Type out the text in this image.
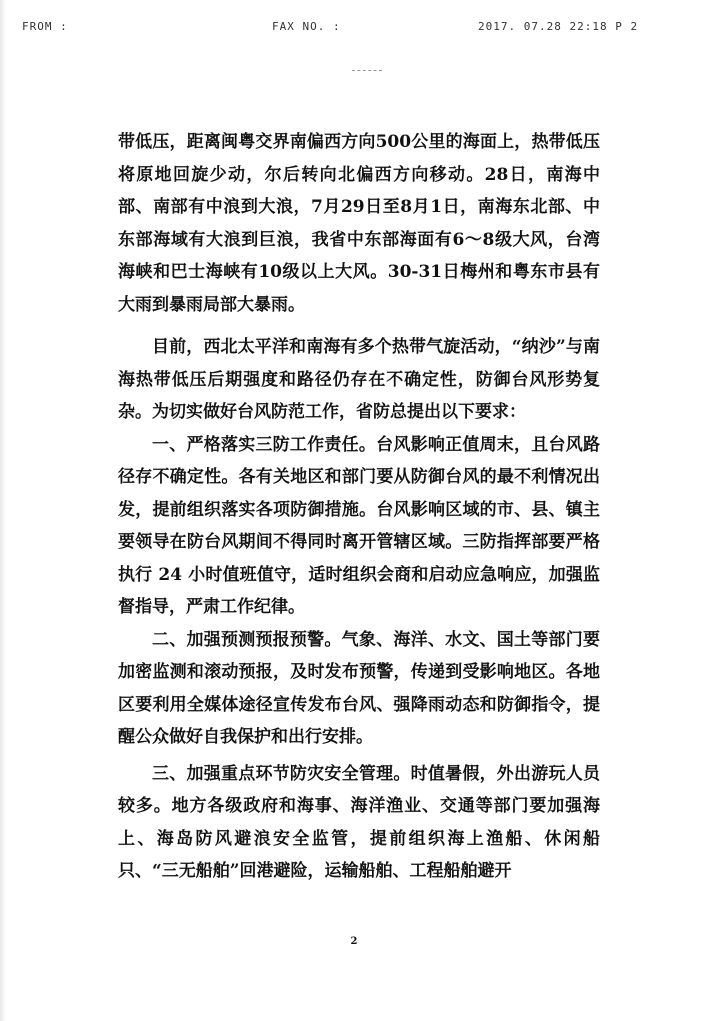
FROM :	FAX NO. :	2017. 07.28 22:18 P 2

带低压，距离闽粤交界南偏西方向500公里的海面上，热带低压将原地回旋少动，尔后转向北偏西方向移动。28日，南海中部、南部有中浪到大浪，7月29日至8月1日，南海东北部、中东部海域有大浪到巨浪，我省中东部海面有6～8级大风，台湾海峡和巴士海峡有10级以上大风。30-31日梅州和粤东市县有大雨到暴雨局部大暴雨。

目前，西北太平洋和南海有多个热带气旋活动，“纳沙”与南海热带低压后期强度和路径仍存在不确定性，防御台风形势复杂。为切实做好台风防范工作，省防总提出以下要求：

一、严格落实三防工作责任。台风影响正值周末，且台风路径存不确定性。各有关地区和部门要从防御台风的最不利情况出发，提前组织落实各项防御措施。台风影响区域的市、县、镇主要领导在防台风期间不得同时离开管辖区域。三防指挥部要严格执行 24 小时值班值守，适时组织会商和启动应急响应，加强监督指导，严肃工作纪律。

二、加强预测预报预警。气象、海洋、水文、国土等部门要加密监测和滚动预报，及时发布预警，传递到受影响地区。各地区要利用全媒体途径宣传发布台风、强降雨动态和防御指令，提醒公众做好自我保护和出行安排。

三、加强重点环节防灾安全管理。时值暑假，外出游玩人员较多。地方各级政府和海事、海洋渔业、交通等部门要加强海上、海岛防风避浪安全监管，提前组织海上渔船、休闲船只、“三无船舶”回港避险，运输船舶、工程船舶避开

2
